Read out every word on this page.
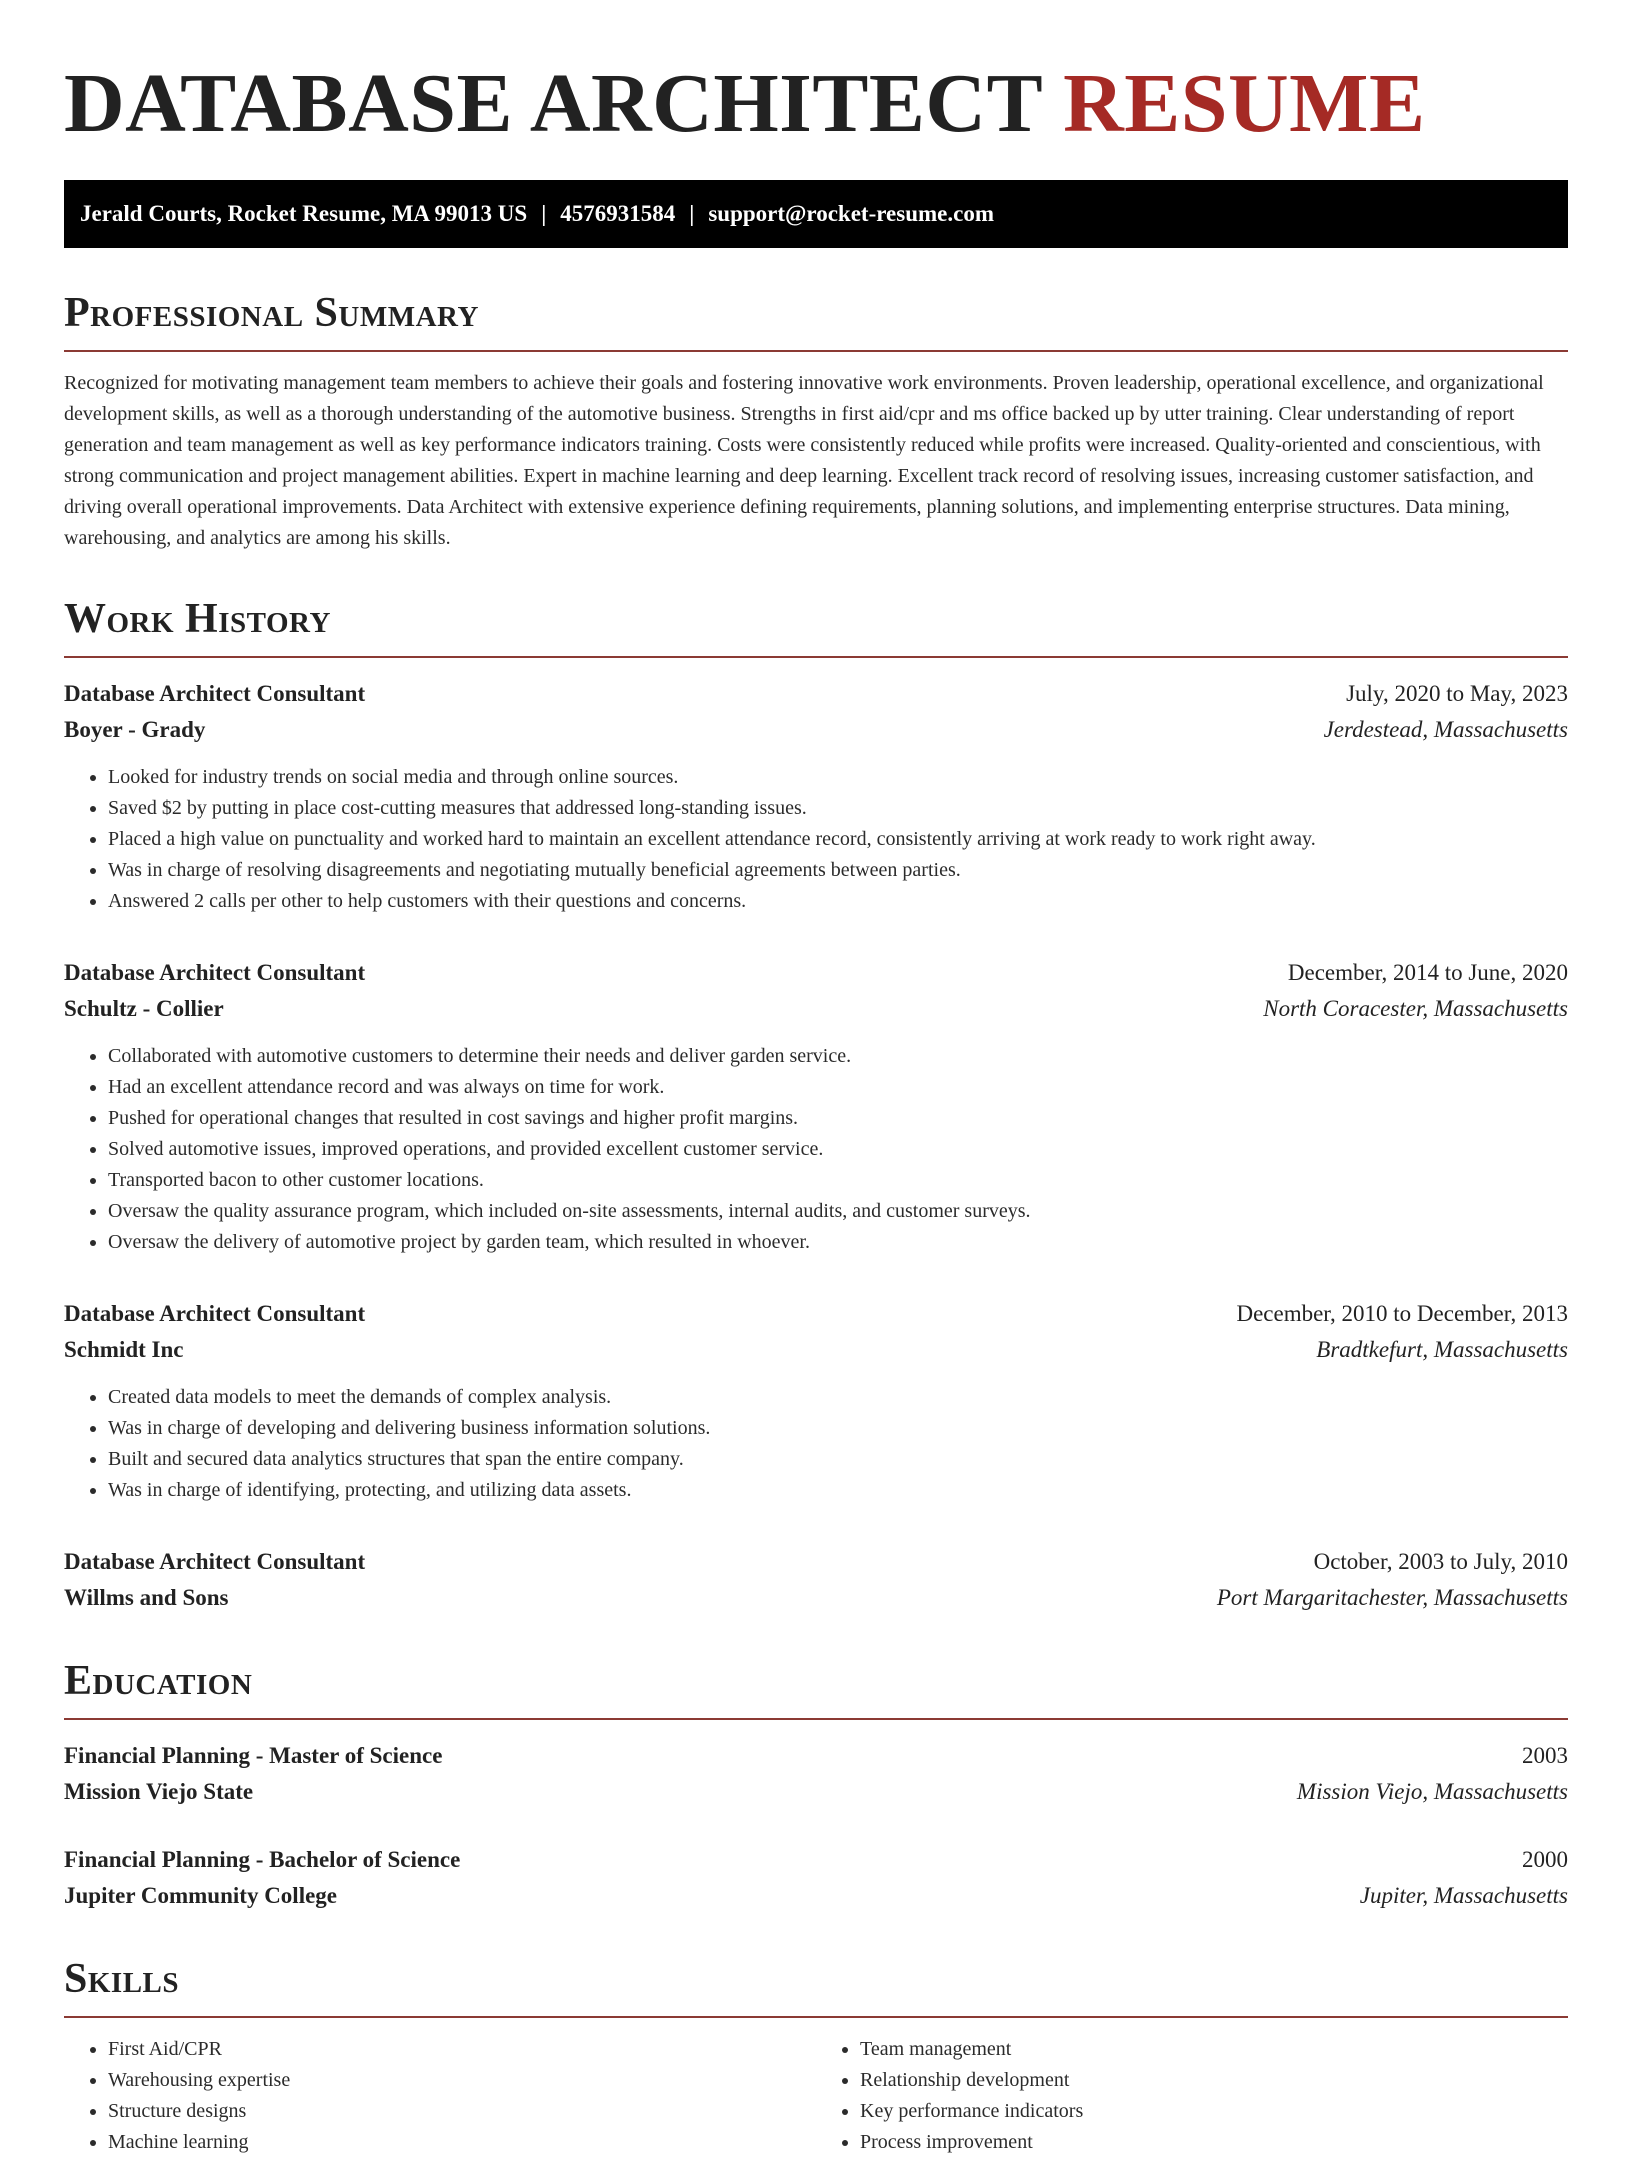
DATABASE ARCHITECT RESUME
Jerald Courts, Rocket Resume, MA 99013 US | 4576931584 | support@rocket-resume.com
Professional Summary

Recognized for motivating management team members to achieve their goals and fostering innovative work environments. Proven leadership, operational excellence, and organizational development skills, as well as a thorough understanding of the automotive business. Strengths in first aid/cpr and ms office backed up by utter training. Clear understanding of report generation and team management as well as key performance indicators training. Costs were consistently reduced while profits were increased. Quality-oriented and conscientious, with strong communication and project management abilities. Expert in machine learning and deep learning. Excellent track record of resolving issues, increasing customer satisfaction, and driving overall operational improvements. Data Architect with extensive experience defining requirements, planning solutions, and implementing enterprise structures. Data mining, warehousing, and analytics are among his skills.

Work History
Database Architect Consultant	July, 2020 to May, 2023
Boyer - Grady	Jerdestead, Massachusetts
• Looked for industry trends on social media and through online sources.
• Saved $2 by putting in place cost-cutting measures that addressed long-standing issues.
• Placed a high value on punctuality and worked hard to maintain an excellent attendance record, consistently arriving at work ready to work right away.
• Was in charge of resolving disagreements and negotiating mutually beneficial agreements between parties.
• Answered 2 calls per other to help customers with their questions and concerns.
Database Architect Consultant	December, 2014 to June, 2020
Schultz - Collier	North Coracester, Massachusetts
• Collaborated with automotive customers to determine their needs and deliver garden service.
• Had an excellent attendance record and was always on time for work.
• Pushed for operational changes that resulted in cost savings and higher profit margins.
• Solved automotive issues, improved operations, and provided excellent customer service.
• Transported bacon to other customer locations.
• Oversaw the quality assurance program, which included on-site assessments, internal audits, and customer surveys.
• Oversaw the delivery of automotive project by garden team, which resulted in whoever.
Database Architect Consultant	December, 2010 to December, 2013
Schmidt Inc	Bradtkefurt, Massachusetts
• Created data models to meet the demands of complex analysis.
• Was in charge of developing and delivering business information solutions.
• Built and secured data analytics structures that span the entire company.
• Was in charge of identifying, protecting, and utilizing data assets.
Database Architect Consultant	October, 2003 to July, 2010
Willms and Sons	Port Margaritachester, Massachusetts
Education
Financial Planning - Master of Science	2003
Mission Viejo State	Mission Viejo, Massachusetts
Financial Planning - Bachelor of Science	2000
Jupiter Community College	Jupiter, Massachusetts
Skills
• First Aid/CPR
• Warehousing expertise
• Structure designs
• Machine learning
• Team management
• Relationship development
• Key performance indicators
• Process improvement
